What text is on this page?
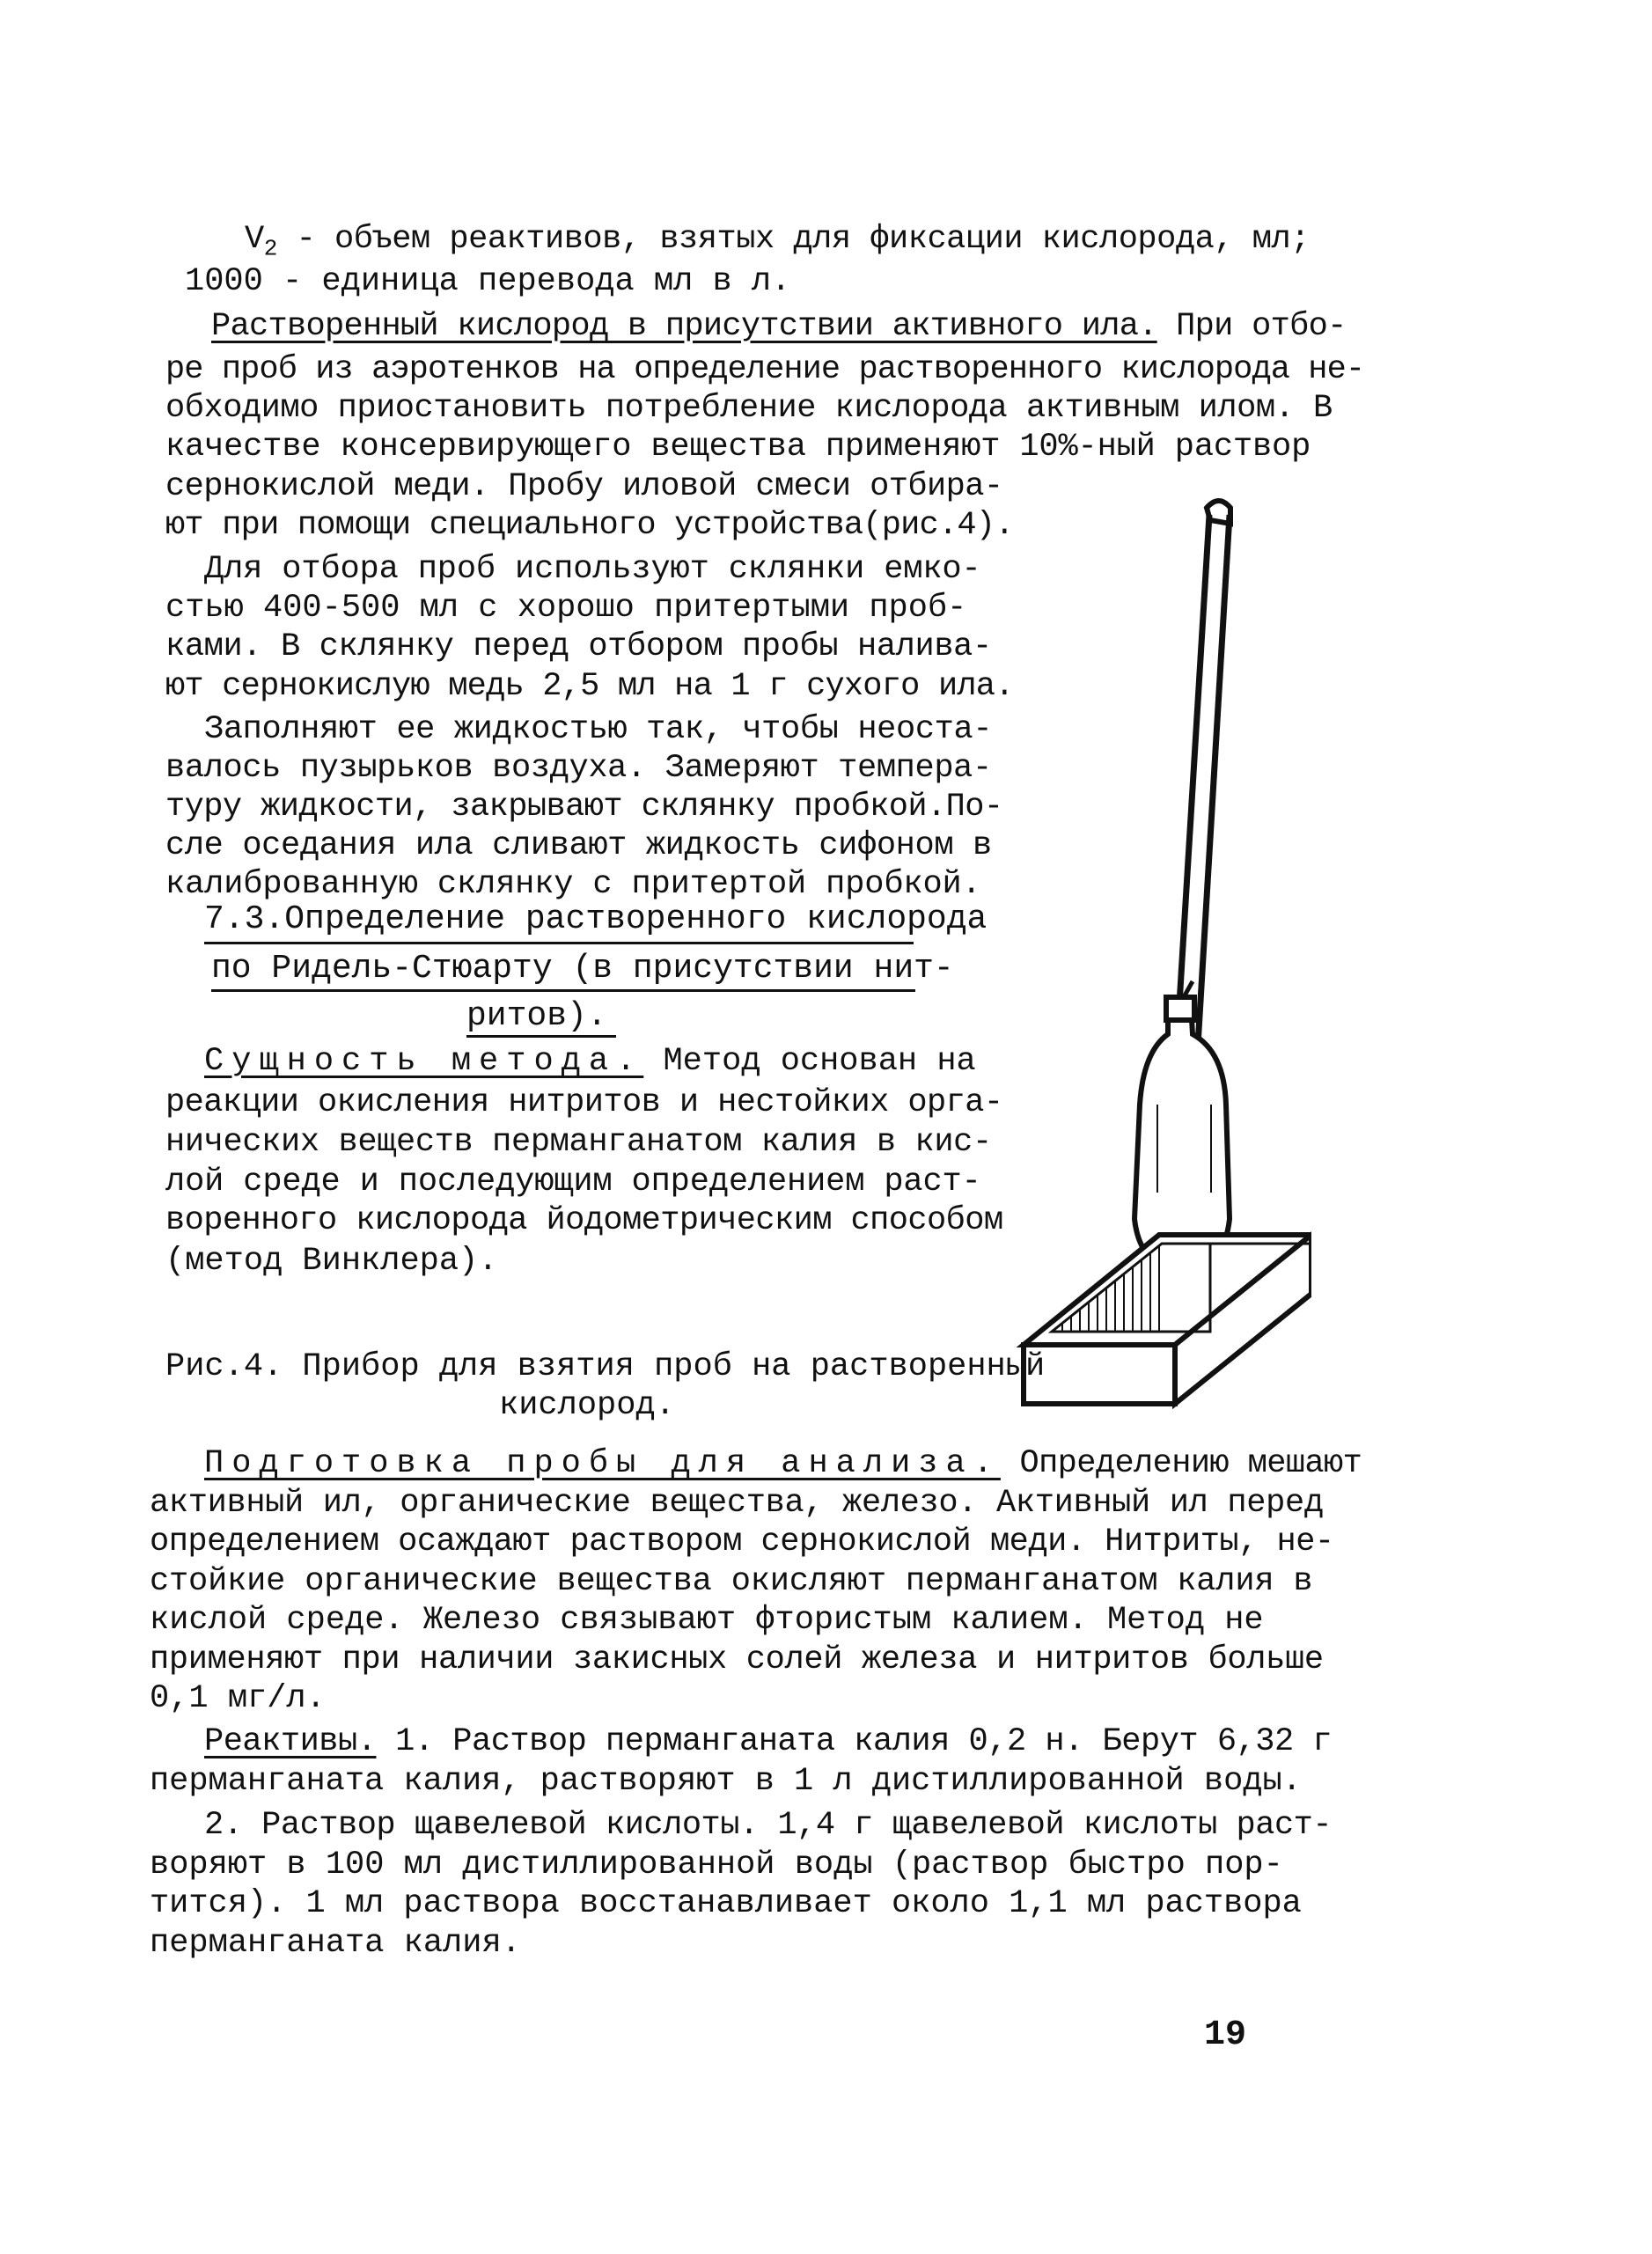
$V_2$ - объем реактивов, взятых для фиксации кислорода, мл;
1000 - единица перевода мл в л.
Растворенный кислород в присутствии активного ила. При отбо-
ре проб из аэротенков на определение растворенного кислорода не-
обходимо приостановить потребление кислорода активным илом. В
качестве консервирующего вещества применяют 10%-ный раствор
сернокислой меди. Пробу иловой смеси отбира-
ют при помощи специального устройства(рис.4).
Для отбора проб используют склянки емко-
стью 400-500 мл с хорошо притертыми проб-
ками. В склянку перед отбором пробы налива-
ют сернокислую медь 2,5 мл на 1 г сухого ила.
Заполняют ее жидкостью так, чтобы неоста-
валось пузырьков воздуха. Замеряют темпера-
туру жидкости, закрывают склянку пробкой.По-
сле оседания ила сливают жидкость сифоном в
калиброванную склянку с притертой пробкой.
7.3.Определение растворенного кислорода
по Ридель-Стюарту (в присутствии нит-
ритов).
Сущность метода. Метод основан на
реакции окисления нитритов и нестойких орга-
нических веществ перманганатом калия в кис-
лой среде и последующим определением раст-
воренного кислорода йодометрическим способом
(метод Винклера).
Рис.4. Прибор для взятия проб на растворенный
кислород.
Подготовка пробы для анализа. Определению мешают
активный ил, органические вещества, железо. Активный ил перед
определением осаждают раствором сернокислой меди. Нитриты, не-
стойкие органические вещества окисляют перманганатом калия в
кислой среде. Железо связывают фтористым калием. Метод не
применяют при наличии закисных солей железа и нитритов больше
0,1 мг/л.
Реактивы. 1. Раствор перманганата калия 0,2 н. Берут 6,32 г
перманганата калия, растворяют в 1 л дистиллированной воды.
2. Раствор щавелевой кислоты. 1,4 г щавелевой кислоты раст-
воряют в 100 мл дистиллированной воды (раствор быстро пор-
тится). 1 мл раствора восстанавливает около 1,1 мл раствора
перманганата калия.
19
